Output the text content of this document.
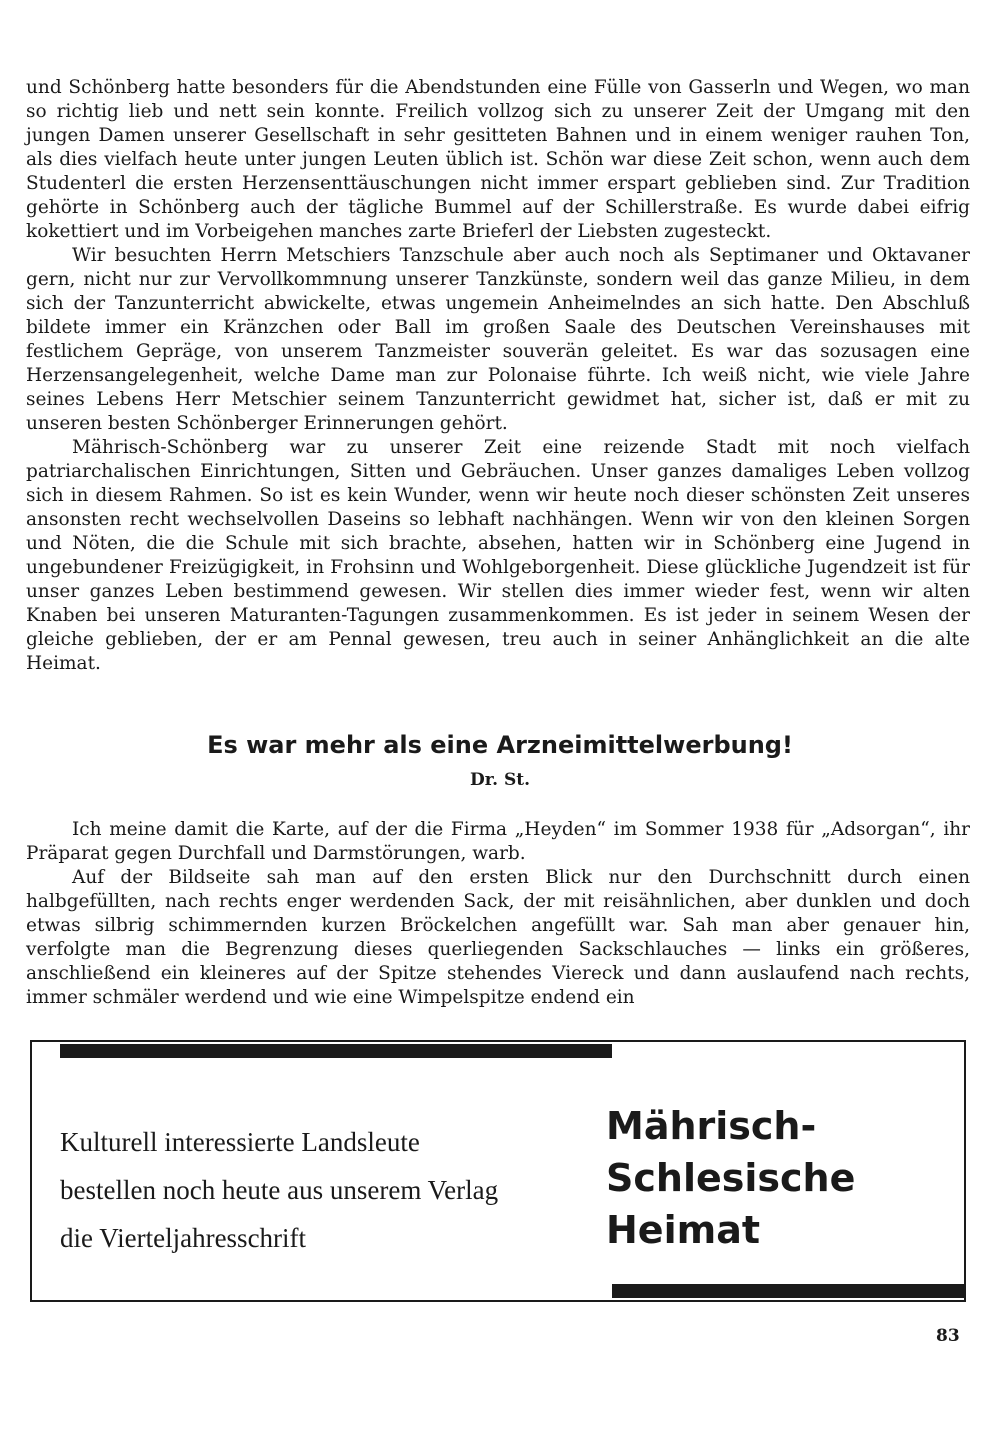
und Schönberg hatte besonders für die Abendstunden eine Fülle von Gasserln und Wegen, wo man so richtig lieb und nett sein konnte. Freilich vollzog sich zu unserer Zeit der Umgang mit den jungen Damen unserer Gesellschaft in sehr gesitteten Bahnen und in einem weniger rauhen Ton, als dies vielfach heute unter jungen Leuten üblich ist. Schön war diese Zeit schon, wenn auch dem Studenterl die ersten Herzensenttäuschungen nicht immer erspart geblieben sind. Zur Tradition gehörte in Schönberg auch der tägliche Bummel auf der Schillerstraße. Es wurde dabei eifrig kokettiert und im Vorbeigehen manches zarte Brieferl der Liebsten zugesteckt.

Wir besuchten Herrn Metschiers Tanzschule aber auch noch als Septimaner und Oktavaner gern, nicht nur zur Vervollkommnung unserer Tanzkünste, sondern weil das ganze Milieu, in dem sich der Tanzunterricht abwickelte, etwas ungemein Anheimelndes an sich hatte. Den Abschluß bildete immer ein Kränzchen oder Ball im großen Saale des Deutschen Vereinshauses mit festlichem Gepräge, von unserem Tanzmeister souverän geleitet. Es war das sozusagen eine Herzensangelegenheit, welche Dame man zur Polonaise führte. Ich weiß nicht, wie viele Jahre seines Lebens Herr Metschier seinem Tanzunterricht gewidmet hat, sicher ist, daß er mit zu unseren besten Schönberger Erinnerungen gehört.

Mährisch-Schönberg war zu unserer Zeit eine reizende Stadt mit noch vielfach patriarchalischen Einrichtungen, Sitten und Gebräuchen. Unser ganzes damaliges Leben vollzog sich in diesem Rahmen. So ist es kein Wunder, wenn wir heute noch dieser schönsten Zeit unseres ansonsten recht wechselvollen Daseins so lebhaft nachhängen. Wenn wir von den kleinen Sorgen und Nöten, die die Schule mit sich brachte, absehen, hatten wir in Schönberg eine Jugend in ungebundener Freizügigkeit, in Frohsinn und Wohlgeborgenheit. Diese glückliche Jugendzeit ist für unser ganzes Leben bestimmend gewesen. Wir stellen dies immer wieder fest, wenn wir alten Knaben bei unseren Maturanten-Tagungen zusammenkommen. Es ist jeder in seinem Wesen der gleiche geblieben, der er am Pennal gewesen, treu auch in seiner Anhänglichkeit an die alte Heimat.

Es war mehr als eine Arzneimittelwerbung!
Dr. St.

Ich meine damit die Karte, auf der die Firma „Heyden“ im Sommer 1938 für „Adsorgan“, ihr Präparat gegen Durchfall und Darmstörungen, warb.

Auf der Bildseite sah man auf den ersten Blick nur den Durchschnitt durch einen halbgefüllten, nach rechts enger werdenden Sack, der mit reisähnlichen, aber dunklen und doch etwas silbrig schimmernden kurzen Bröckelchen angefüllt war. Sah man aber genauer hin, verfolgte man die Begrenzung dieses querliegenden Sackschlauches — links ein größeres, anschließend ein kleineres auf der Spitze stehendes Viereck und dann auslaufend nach rechts, immer schmäler werdend und wie eine Wimpelspitze endend ein

Kulturell interessierte Landsleute
bestellen noch heute aus unserem Verlag
die Vierteljahresschrift
Mährisch-
Schlesische
Heimat
83
